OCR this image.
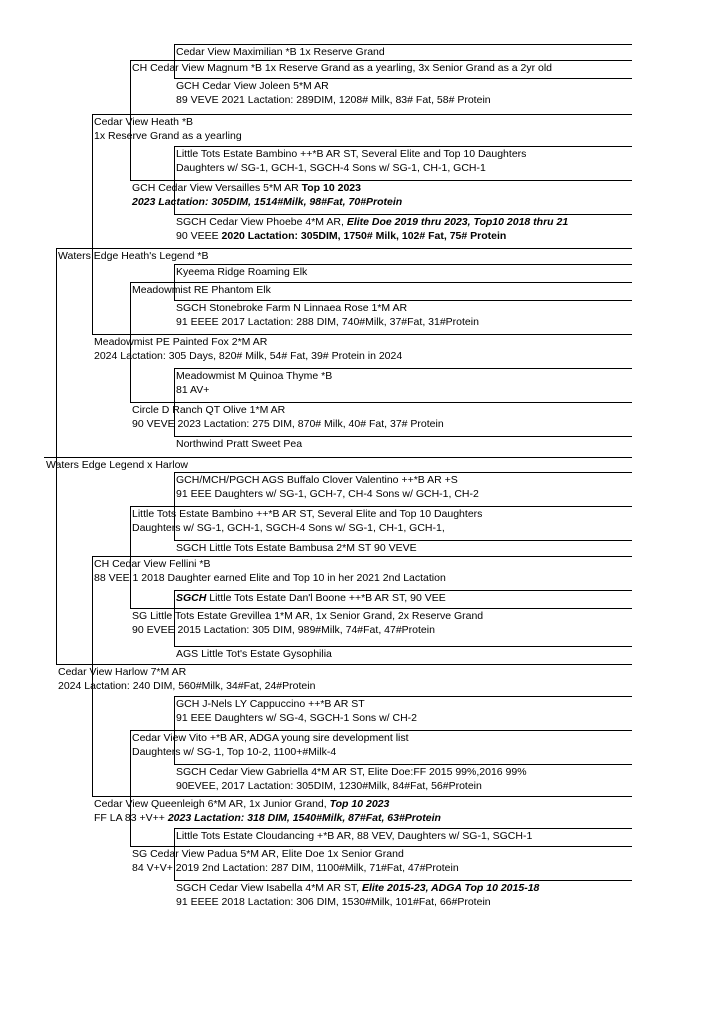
Waters Edge Legend x Harlow
Cedar View Maximilian *B 1x Reserve Grand
CH Cedar View Magnum *B 1x Reserve Grand as a yearling, 3x Senior Grand as a 2yr old
GCH Cedar View Joleen 5*M AR
89 VEVE 2021 Lactation: 289DIM, 1208# Milk, 83# Fat, 58# Protein
Cedar View Heath *B
1x Reserve Grand as a yearling
Little Tots Estate Bambino ++*B AR ST, Several Elite and Top 10 Daughters
Daughters w/ SG-1, GCH-1, SGCH-4 Sons w/ SG-1, CH-1, GCH-1
GCH Cedar View Versailles 5*M AR Top 10 2023
2023 Lactation: 305DIM, 1514#Milk, 98#Fat, 70#Protein
SGCH Cedar View Phoebe 4*M AR, Elite Doe 2019 thru 2023, Top10 2018 thru 21
90 VEEE 2020 Lactation: 305DIM, 1750# Milk, 102# Fat, 75# Protein
Waters Edge Heath's Legend *B
Kyeema Ridge Roaming Elk
Meadowmist RE Phantom Elk
SGCH Stonebroke Farm N Linnaea Rose 1*M AR
91 EEEE 2017 Lactation: 288 DIM, 740#Milk, 37#Fat, 31#Protein
Meadowmist PE Painted Fox 2*M AR
2024 Lactation: 305 Days, 820# Milk, 54# Fat, 39# Protein in 2024
Meadowmist M Quinoa Thyme *B
81 AV+
Circle D Ranch QT Olive 1*M AR
90 VEVE 2023 Lactation: 275 DIM, 870# Milk, 40# Fat, 37# Protein
Northwind Pratt Sweet Pea
GCH/MCH/PGCH AGS Buffalo Clover Valentino ++*B AR +S
91 EEE Daughters w/ SG-1, GCH-7, CH-4 Sons w/ GCH-1, CH-2
Little Tots Estate Bambino ++*B AR ST, Several Elite and Top 10 Daughters
Daughters w/ SG-1, GCH-1, SGCH-4 Sons w/ SG-1, CH-1, GCH-1,
SGCH Little Tots Estate Bambusa 2*M ST 90 VEVE
CH Cedar View Fellini *B
88 VEE 1 2018 Daughter earned Elite and Top 10 in her 2021 2nd Lactation
SGCH Little Tots Estate Dan'l Boone ++*B AR ST, 90 VEE
SG Little Tots Estate Grevillea 1*M AR, 1x Senior Grand, 2x Reserve Grand
90 EVEE 2015 Lactation: 305 DIM, 989#Milk, 74#Fat, 47#Protein
AGS Little Tot's Estate Gysophilia
Cedar View Harlow 7*M AR
2024 Lactation: 240 DIM, 560#Milk, 34#Fat, 24#Protein
GCH J-Nels LY Cappuccino ++*B AR ST
91 EEE Daughters w/ SG-4, SGCH-1 Sons w/ CH-2
Cedar View Vito +*B AR, ADGA young sire development list
Daughters w/ SG-1, Top 10-2, 1100+#Milk-4
SGCH Cedar View Gabriella 4*M AR ST, Elite Doe:FF 2015 99%,2016 99%
90EVEE, 2017 Lactation: 305DIM, 1230#Milk, 84#Fat, 56#Protein
Cedar View Queenleigh 6*M AR, 1x Junior Grand, Top 10 2023
FF LA 83 +V++ 2023 Lactation: 318 DIM, 1540#Milk, 87#Fat, 63#Protein
Little Tots Estate Cloudancing +*B AR, 88 VEV, Daughters w/ SG-1, SGCH-1
SG Cedar View Padua 5*M AR, Elite Doe 1x Senior Grand
84 V+V+ 2019 2nd Lactation: 287 DIM, 1100#Milk, 71#Fat, 47#Protein
SGCH Cedar View Isabella 4*M AR ST, Elite 2015-23, ADGA Top 10 2015-18
91 EEEE 2018 Lactation: 306 DIM, 1530#Milk, 101#Fat, 66#Protein
